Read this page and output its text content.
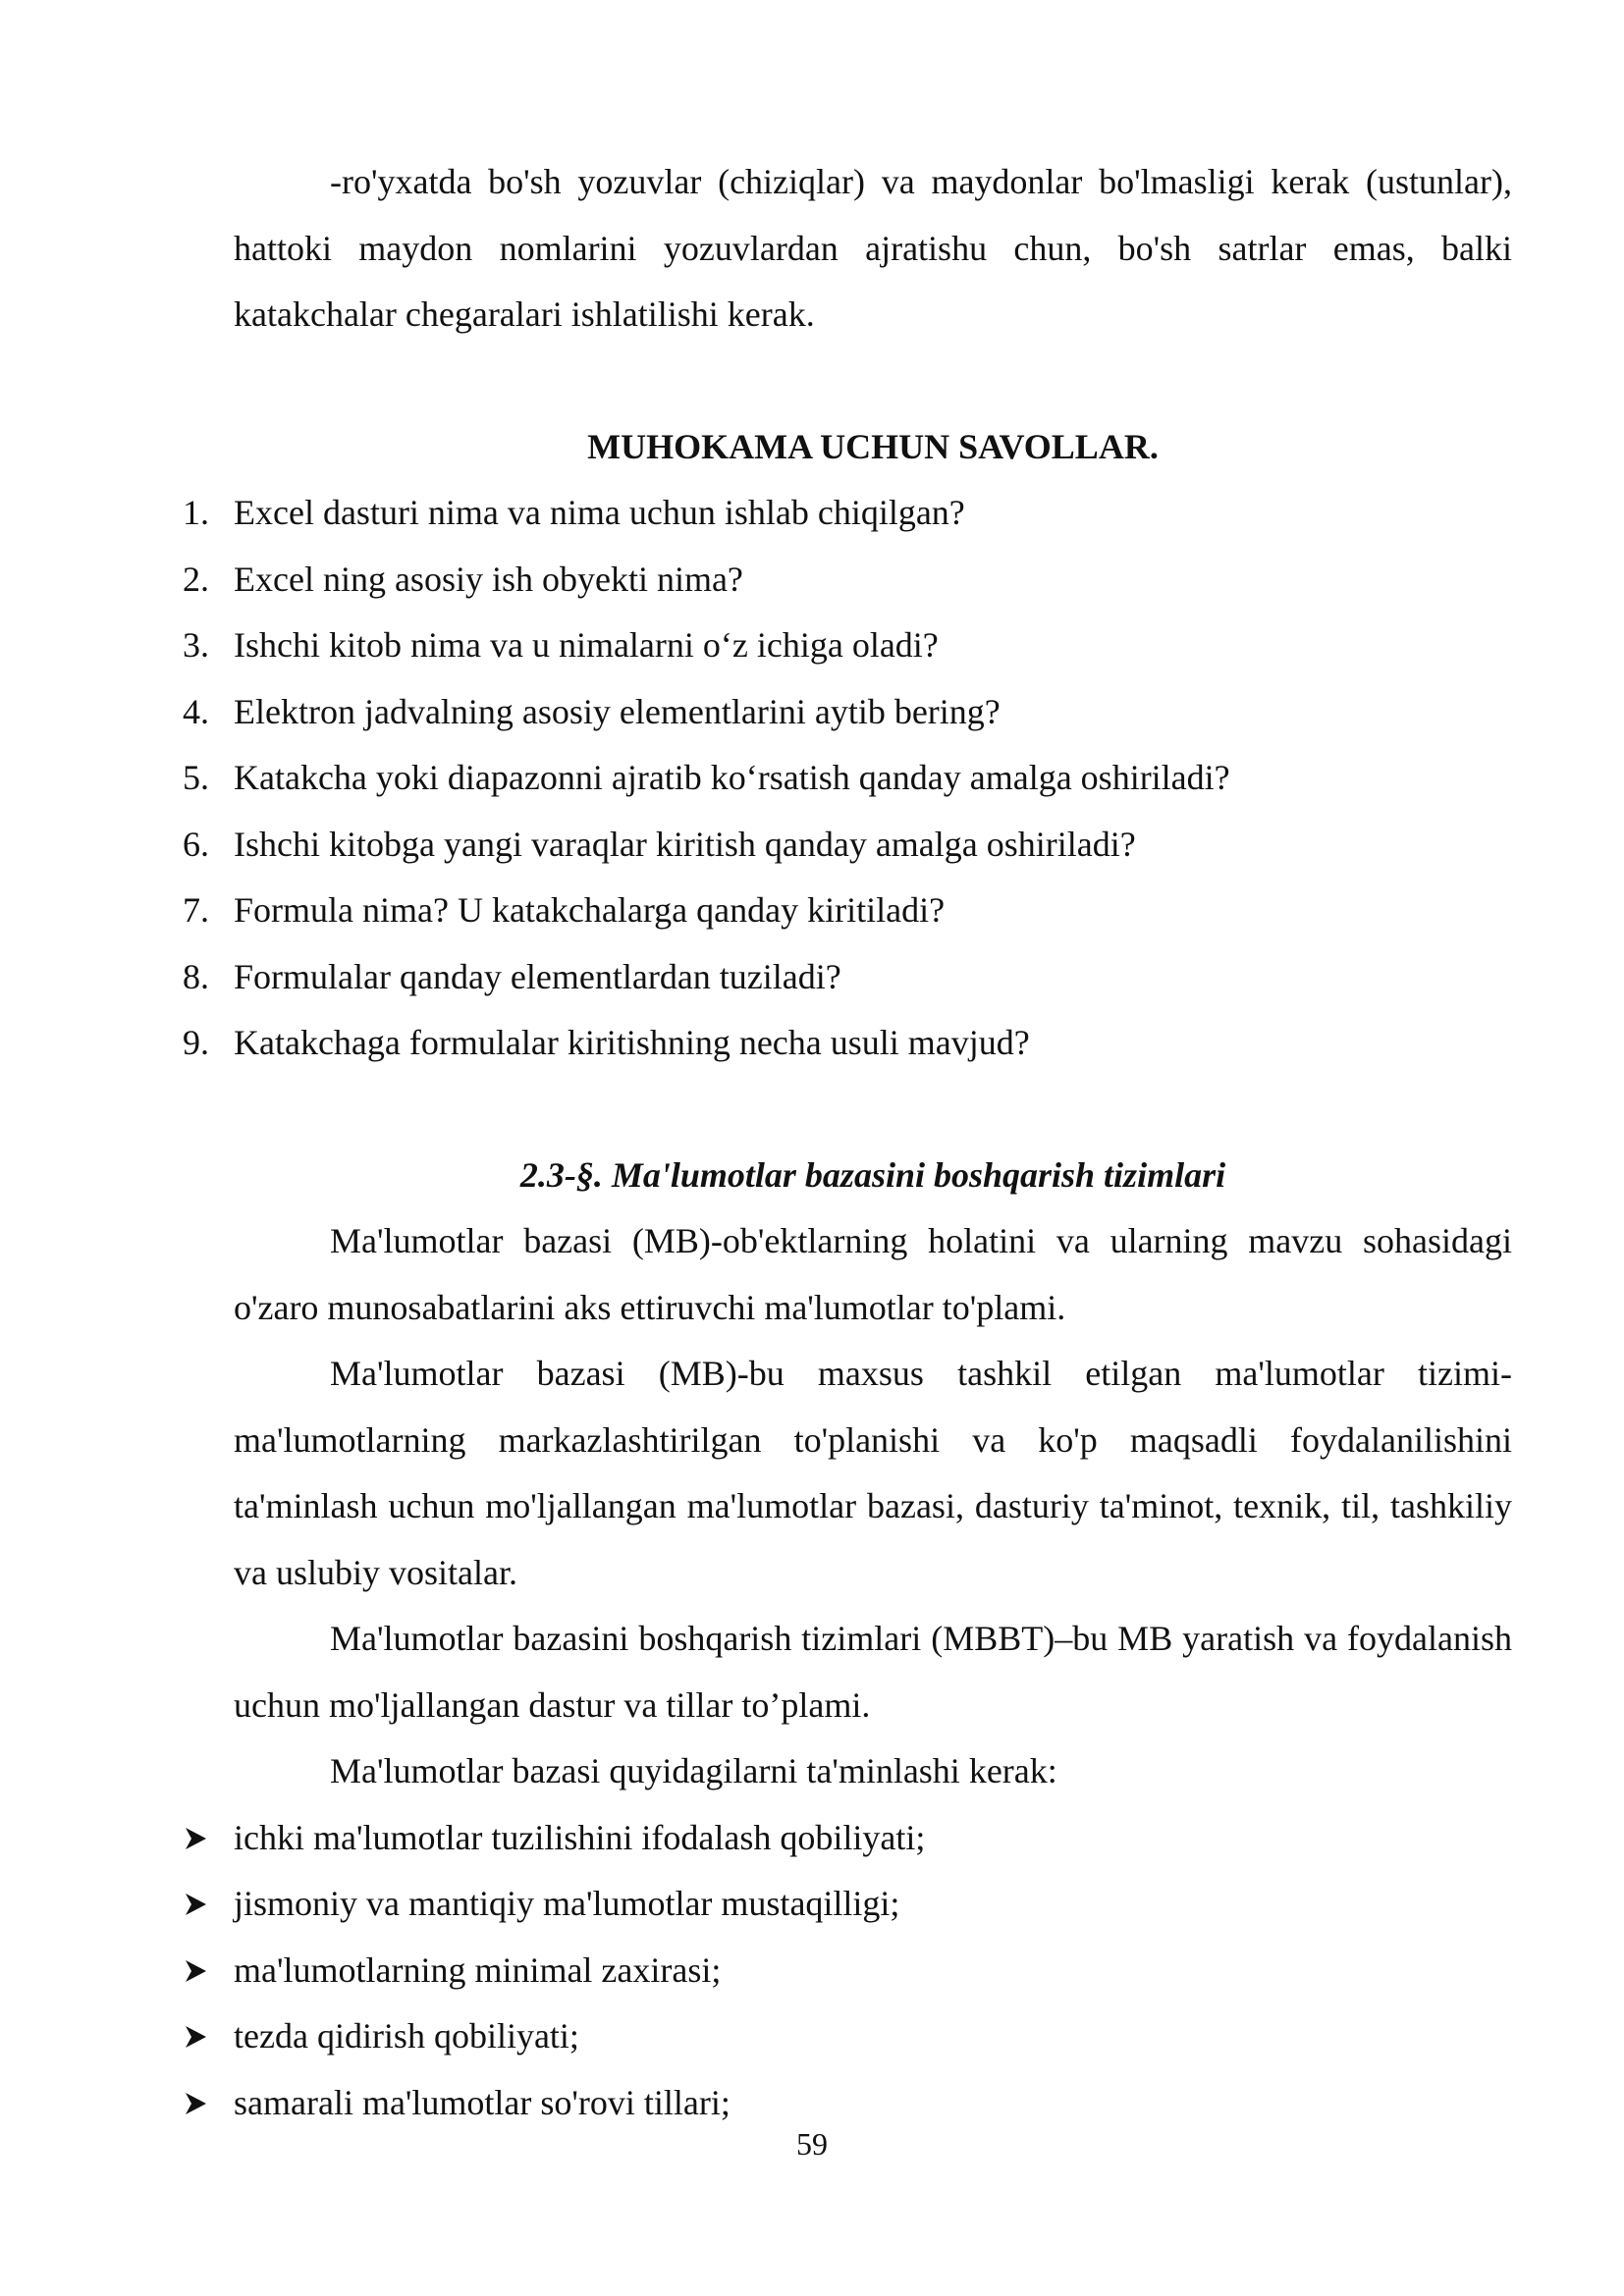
-ro'yxatda bo'sh yozuvlar (chiziqlar) va maydonlar bo'lmasligi kerak (ustunlar), hattoki maydon nomlarini yozuvlardan ajratishu chun, bo'sh satrlar emas, balki katakchalar chegaralari ishlatilishi kerak.

MUHOKAMA UCHUN SAVOLLAR.

1. Excel dasturi nima va nima uchun ishlab chiqilgan?
2. Excel ning asosiy ish obyekti nima?
3. Ishchi kitob nima va u nimalarni o‘z ichiga oladi?
4. Elektron jadvalning asosiy elementlarini aytib bering?
5. Katakcha yoki diapazonni ajratib ko‘rsatish qanday amalga oshiriladi?
6. Ishchi kitobga yangi varaqlar kiritish qanday amalga oshiriladi?
7. Formula nima? U katakchalarga qanday kiritiladi?
8. Formulalar qanday elementlardan tuziladi?
9. Katakchaga formulalar kiritishning necha usuli mavjud?

2.3-§. Ma'lumotlar bazasini boshqarish tizimlari

Ma'lumotlar bazasi (MB)-ob'ektlarning holatini va ularning mavzu sohasidagi o'zaro munosabatlarini aks ettiruvchi ma'lumotlar to'plami.

Ma'lumotlar bazasi (MB)-bu maxsus tashkil etilgan ma'lumotlar tizimi-ma'lumotlarning markazlashtirilgan to'planishi va ko'p maqsadli foydalanilishini ta'minlash uchun mo'ljallangan ma'lumotlar bazasi, dasturiy ta'minot, texnik, til, tashkiliy va uslubiy vositalar.

Ma'lumotlar bazasini boshqarish tizimlari (MBBT)–bu MB yaratish va foydalanish uchun mo'ljallangan dastur va tillar to’plami.

Ma'lumotlar bazasi quyidagilarni ta'minlashi kerak:

ichki ma'lumotlar tuzilishini ifodalash qobiliyati;
jismoniy va mantiqiy ma'lumotlar mustaqilligi;
ma'lumotlarning minimal zaxirasi;
tezda qidirish qobiliyati;
samarali ma'lumotlar so'rovi tillari;
59
